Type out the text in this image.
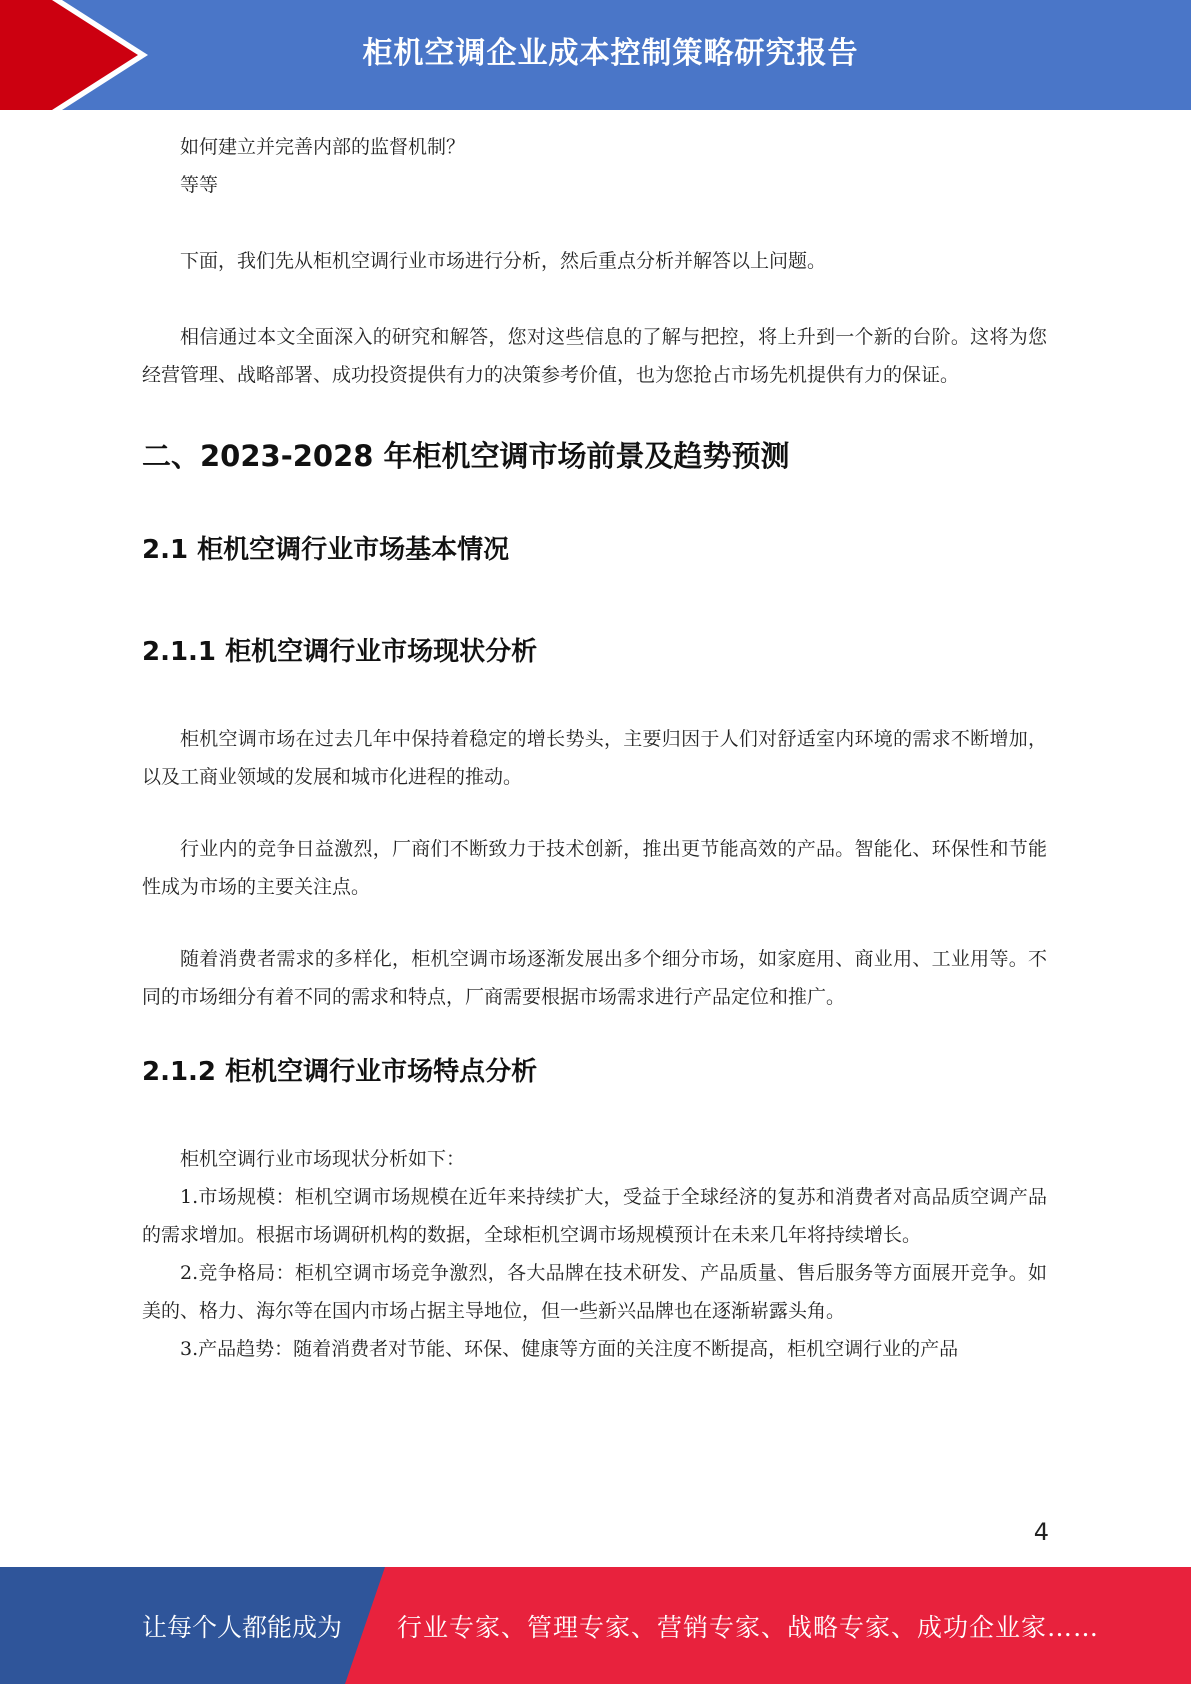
柜机空调企业成本控制策略研究报告

如何建立并完善内部的监督机制？

等等

下面，我们先从柜机空调行业市场进行分析，然后重点分析并解答以上问题。

相信通过本文全面深入的研究和解答，您对这些信息的了解与把控，将上升到一个新的台阶。这将为您经营管理、战略部署、成功投资提供有力的决策参考价值，也为您抢占市场先机提供有力的保证。

二、2023-2028 年柜机空调市场前景及趋势预测
2.1 柜机空调行业市场基本情况
2.1.1 柜机空调行业市场现状分析

柜机空调市场在过去几年中保持着稳定的增长势头，主要归因于人们对舒适室内环境的需求不断增加，以及工商业领域的发展和城市化进程的推动。

行业内的竞争日益激烈，厂商们不断致力于技术创新，推出更节能高效的产品。智能化、环保性和节能性成为市场的主要关注点。

随着消费者需求的多样化，柜机空调市场逐渐发展出多个细分市场，如家庭用、商业用、工业用等。不同的市场细分有着不同的需求和特点，厂商需要根据市场需求进行产品定位和推广。

2.1.2 柜机空调行业市场特点分析

柜机空调行业市场现状分析如下：

1.市场规模：柜机空调市场规模在近年来持续扩大，受益于全球经济的复苏和消费者对高品质空调产品的需求增加。根据市场调研机构的数据，全球柜机空调市场规模预计在未来几年将持续增长。

2.竞争格局：柜机空调市场竞争激烈，各大品牌在技术研发、产品质量、售后服务等方面展开竞争。如美的、格力、海尔等在国内市场占据主导地位，但一些新兴品牌也在逐渐崭露头角。

3.产品趋势：随着消费者对节能、环保、健康等方面的关注度不断提高，柜机空调行业的产品

4
让每个人都能成为 行业专家、管理专家、营销专家、战略专家、成功企业家……
